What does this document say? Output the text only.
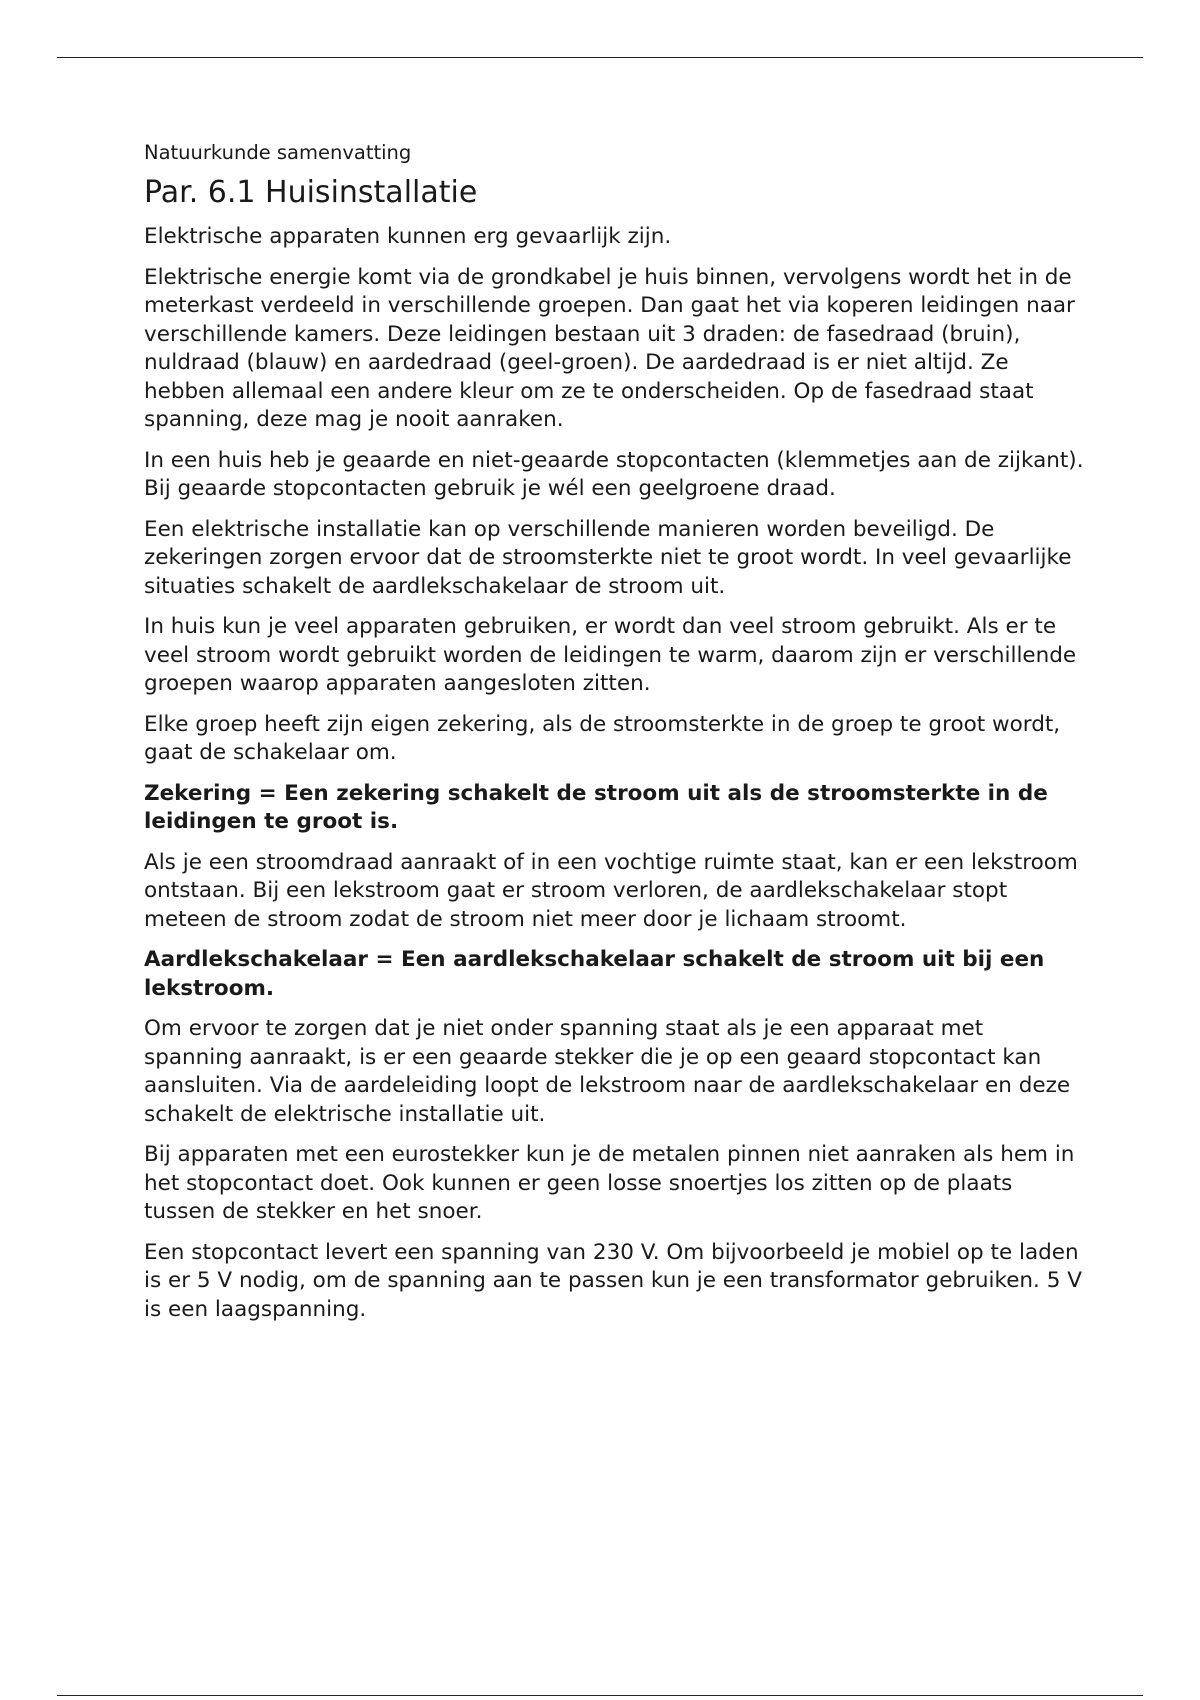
Natuurkunde samenvatting
Par. 6.1 Huisinstallatie

Elektrische apparaten kunnen erg gevaarlijk zijn.

Elektrische energie komt via de grondkabel je huis binnen, vervolgens wordt het in de meterkast verdeeld in verschillende groepen. Dan gaat het via koperen leidingen naar verschillende kamers. Deze leidingen bestaan uit 3 draden: de fasedraad (bruin), nuldraad (blauw) en aardedraad (geel-groen). De aardedraad is er niet altijd. Ze hebben allemaal een andere kleur om ze te onderscheiden. Op de fasedraad staat spanning, deze mag je nooit aanraken.

In een huis heb je geaarde en niet-geaarde stopcontacten (klemmetjes aan de zijkant). Bij geaarde stopcontacten gebruik je wél een geelgroene draad.

Een elektrische installatie kan op verschillende manieren worden beveiligd. De zekeringen zorgen ervoor dat de stroomsterkte niet te groot wordt. In veel gevaarlijke situaties schakelt de aardlekschakelaar de stroom uit.

In huis kun je veel apparaten gebruiken, er wordt dan veel stroom gebruikt. Als er te veel stroom wordt gebruikt worden de leidingen te warm, daarom zijn er verschillende groepen waarop apparaten aangesloten zitten.

Elke groep heeft zijn eigen zekering, als de stroomsterkte in de groep te groot wordt, gaat de schakelaar om.

Zekering = Een zekering schakelt de stroom uit als de stroomsterkte in de leidingen te groot is.

Als je een stroomdraad aanraakt of in een vochtige ruimte staat, kan er een lekstroom ontstaan. Bij een lekstroom gaat er stroom verloren, de aardlekschakelaar stopt meteen de stroom zodat de stroom niet meer door je lichaam stroomt.

Aardlekschakelaar = Een aardlekschakelaar schakelt de stroom uit bij een lekstroom.

Om ervoor te zorgen dat je niet onder spanning staat als je een apparaat met spanning aanraakt, is er een geaarde stekker die je op een geaard stopcontact kan aansluiten. Via de aardeleiding loopt de lekstroom naar de aardlekschakelaar en deze schakelt de elektrische installatie uit.

Bij apparaten met een eurostekker kun je de metalen pinnen niet aanraken als hem in het stopcontact doet. Ook kunnen er geen losse snoertjes los zitten op de plaats tussen de stekker en het snoer.

Een stopcontact levert een spanning van 230 V. Om bijvoorbeeld je mobiel op te laden is er 5 V nodig, om de spanning aan te passen kun je een transformator gebruiken. 5 V is een laagspanning.
